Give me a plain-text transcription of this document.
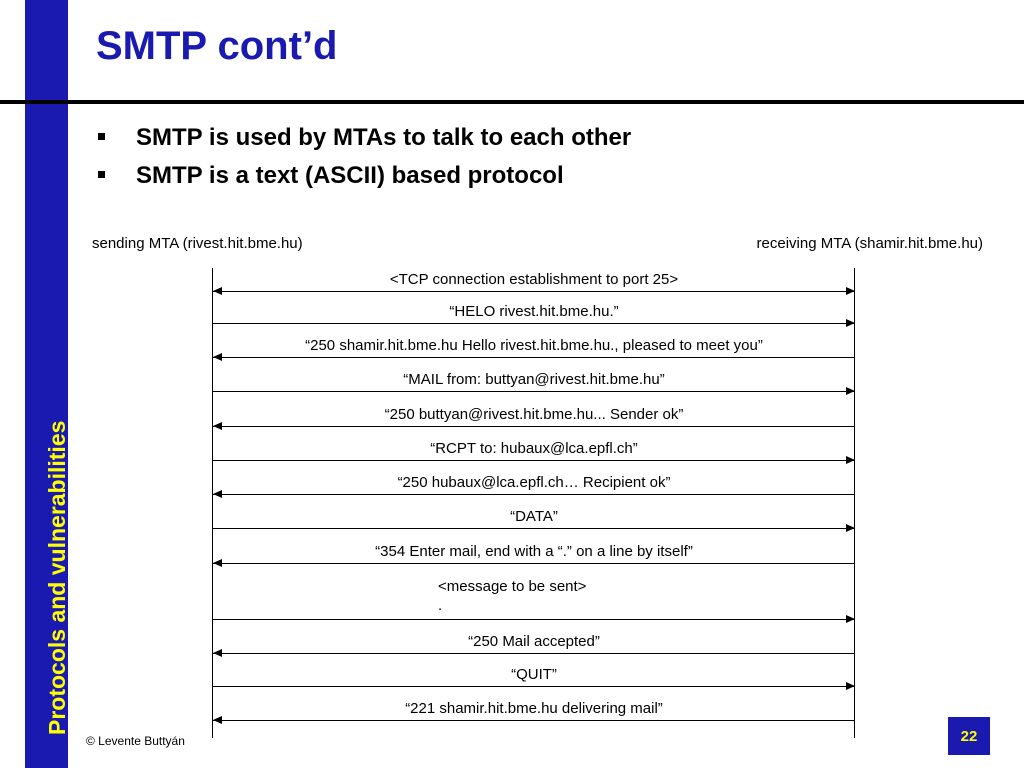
Protocols and vulnerabilities
SMTP cont’d
SMTP is used by MTAs to talk to each other
SMTP is a text (ASCII) based protocol
sending MTA (rivest.hit.bme.hu)	receiving MTA (shamir.hit.bme.hu)
<TCP connection establishment to port 25>
“HELO rivest.hit.bme.hu.”
“250 shamir.hit.bme.hu Hello rivest.hit.bme.hu., pleased to meet you”
“MAIL from: buttyan@rivest.hit.bme.hu”
“250 buttyan@rivest.hit.bme.hu... Sender ok”
“RCPT to: hubaux@lca.epfl.ch”
“250 hubaux@lca.epfl.ch… Recipient ok”
“DATA”
“354 Enter mail, end with a “.” on a line by itself”
<message to be sent>
.
“250 Mail accepted”
“QUIT”
“221 shamir.hit.bme.hu delivering mail”
© Levente Buttyán	22
